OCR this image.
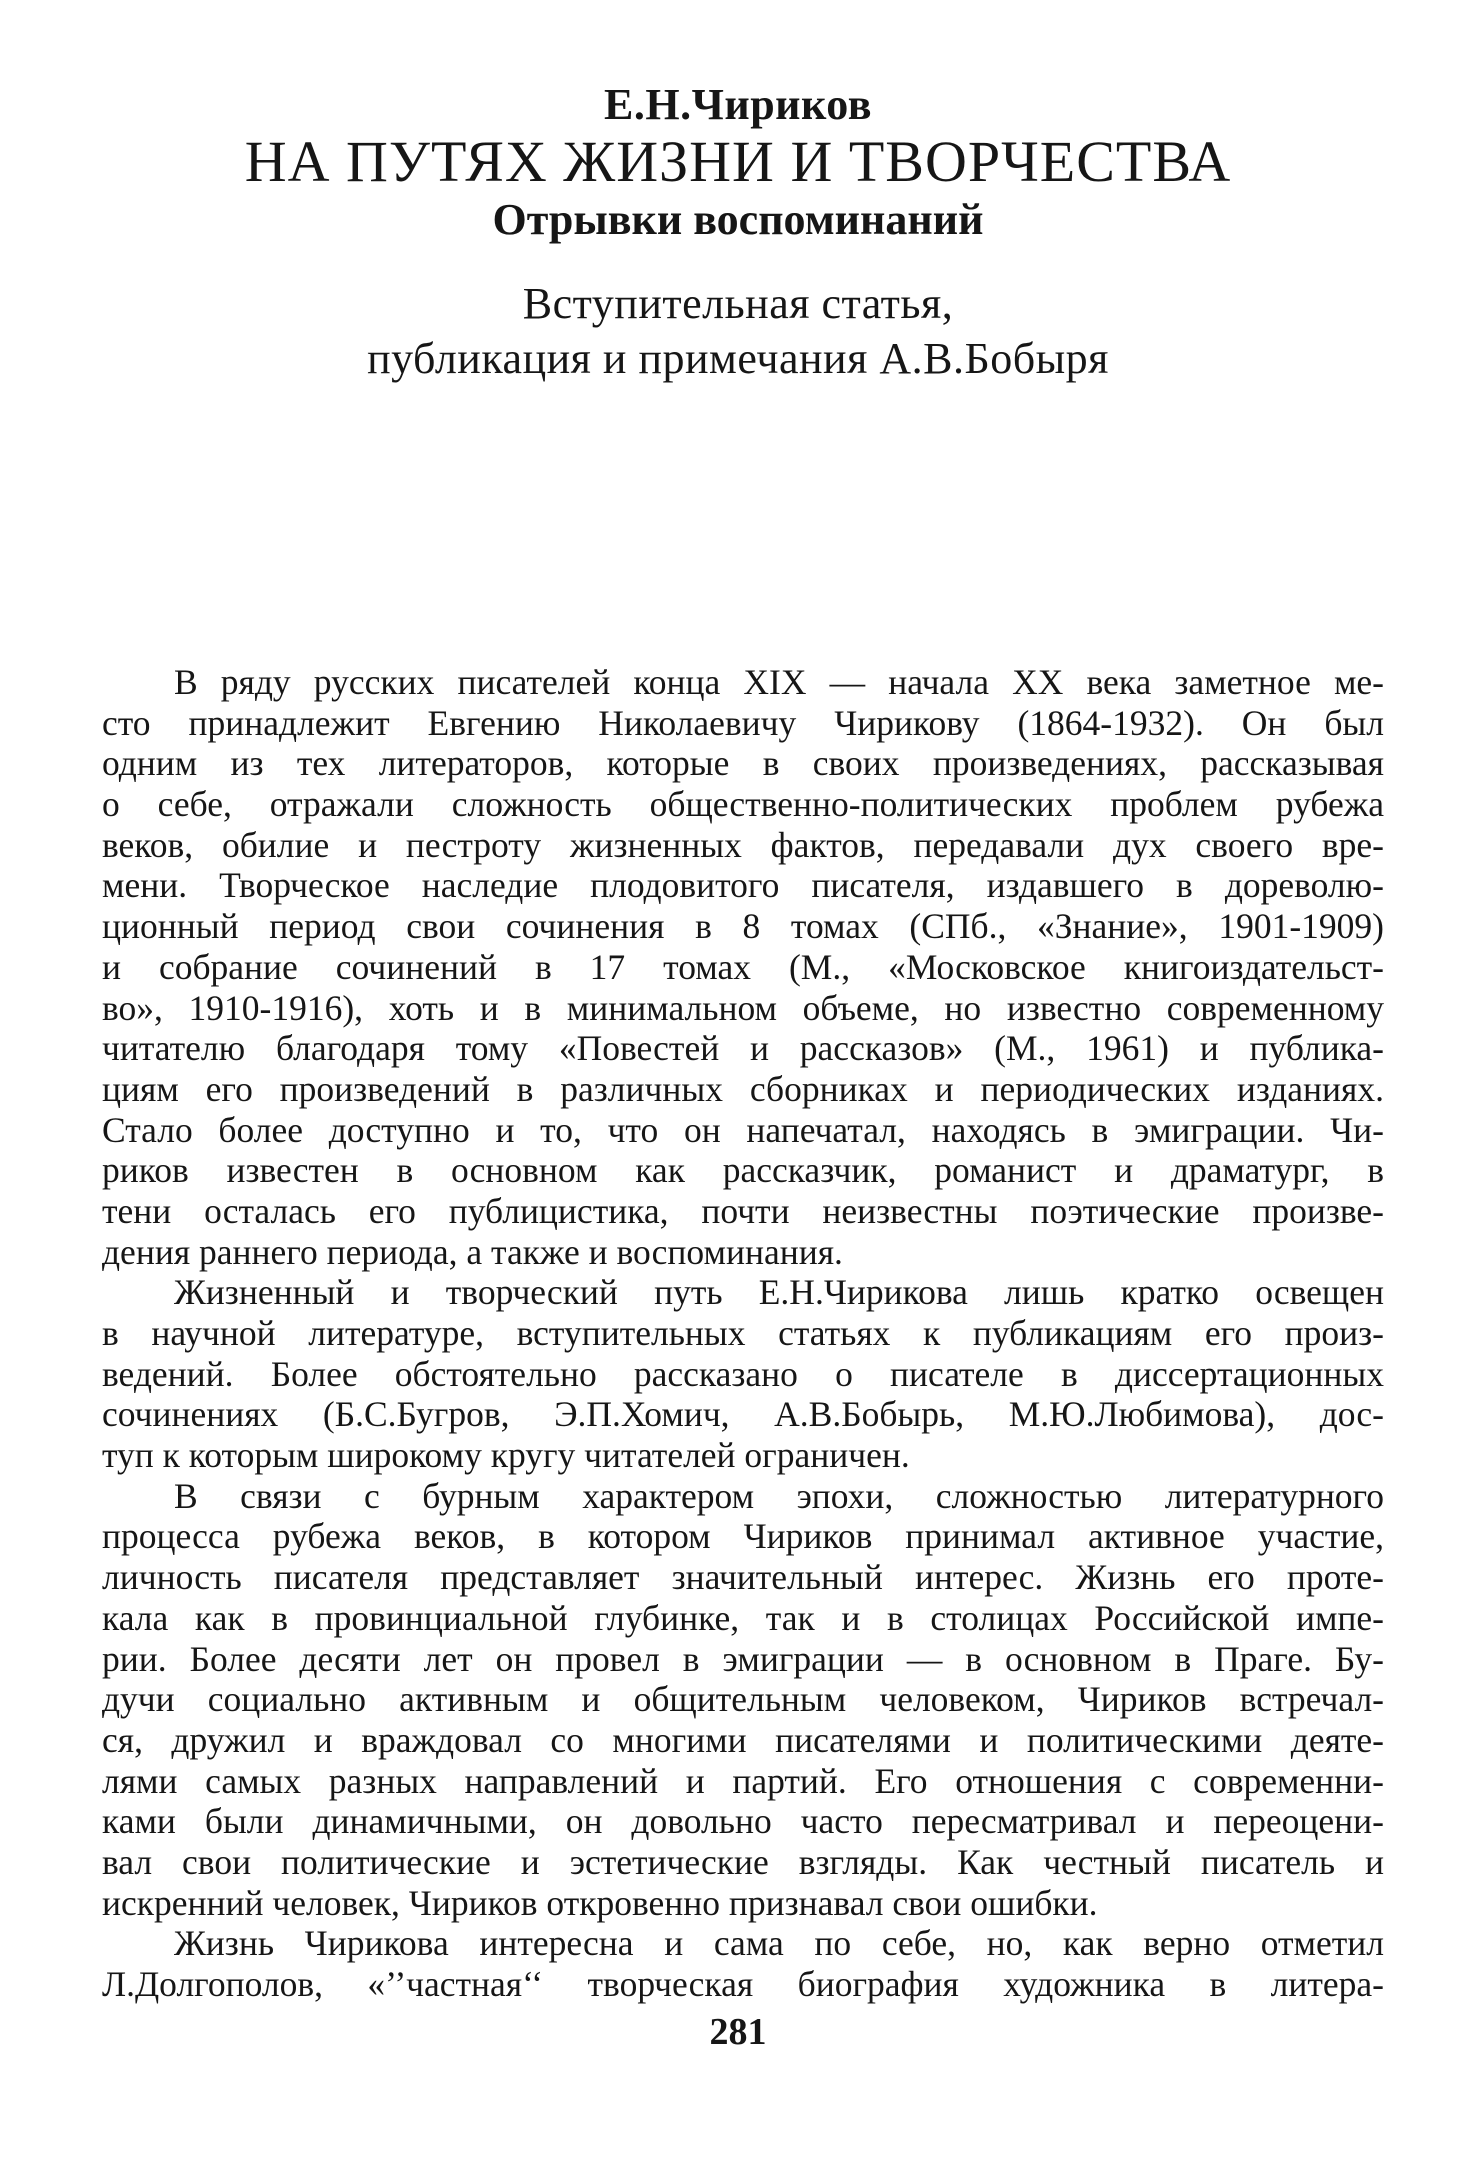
Е.Н.Чириков
НА ПУТЯХ ЖИЗНИ И ТВОРЧЕСТВА
Отрывки воспоминаний
Вступительная статья,
публикация и примечания А.В.Бобыря
В ряду русских писателей конца XIX — начала XX века заметное ме-
сто принадлежит Евгению Николаевичу Чирикову (1864-1932). Он был
одним из тех литераторов, которые в своих произведениях, рассказывая
о себе, отражали сложность общественно-политических проблем рубежа
веков, обилие и пестроту жизненных фактов, передавали дух своего вре-
мени. Творческое наследие плодовитого писателя, издавшего в дореволю-
ционный период свои сочинения в 8 томах (СПб., «Знание», 1901-1909)
и собрание сочинений в 17 томах (М., «Московское книгоиздательст-
во», 1910-1916), хоть и в минимальном объеме, но известно современному
читателю благодаря тому «Повестей и рассказов» (М., 1961) и публика-
циям его произведений в различных сборниках и периодических изданиях.
Стало более доступно и то, что он напечатал, находясь в эмиграции. Чи-
риков известен в основном как рассказчик, романист и драматург, в
тени осталась его публицистика, почти неизвестны поэтические произве-
дения раннего периода, а также и воспоминания.
Жизненный и творческий путь Е.Н.Чирикова лишь кратко освещен
в научной литературе, вступительных статьях к публикациям его произ-
ведений. Более обстоятельно рассказано о писателе в диссертационных
сочинениях (Б.С.Бугров, Э.П.Хомич, А.В.Бобырь, М.Ю.Любимова), дос-
туп к которым широкому кругу читателей ограничен.
В связи с бурным характером эпохи, сложностью литературного
процесса рубежа веков, в котором Чириков принимал активное участие,
личность писателя представляет значительный интерес. Жизнь его проте-
кала как в провинциальной глубинке, так и в столицах Российской импе-
рии. Более десяти лет он провел в эмиграции — в основном в Праге. Бу-
дучи социально активным и общительным человеком, Чириков встречал-
ся, дружил и враждовал со многими писателями и политическими деяте-
лями самых разных направлений и партий. Его отношения с современни-
ками были динамичными, он довольно часто пересматривал и переоцени-
вал свои политические и эстетические взгляды. Как честный писатель и
искренний человек, Чириков откровенно признавал свои ошибки.
Жизнь Чирикова интересна и сама по себе, но, как верно отметил
Л.Долгополов, «’’частная‘‘ творческая биография художника в литера-
281
